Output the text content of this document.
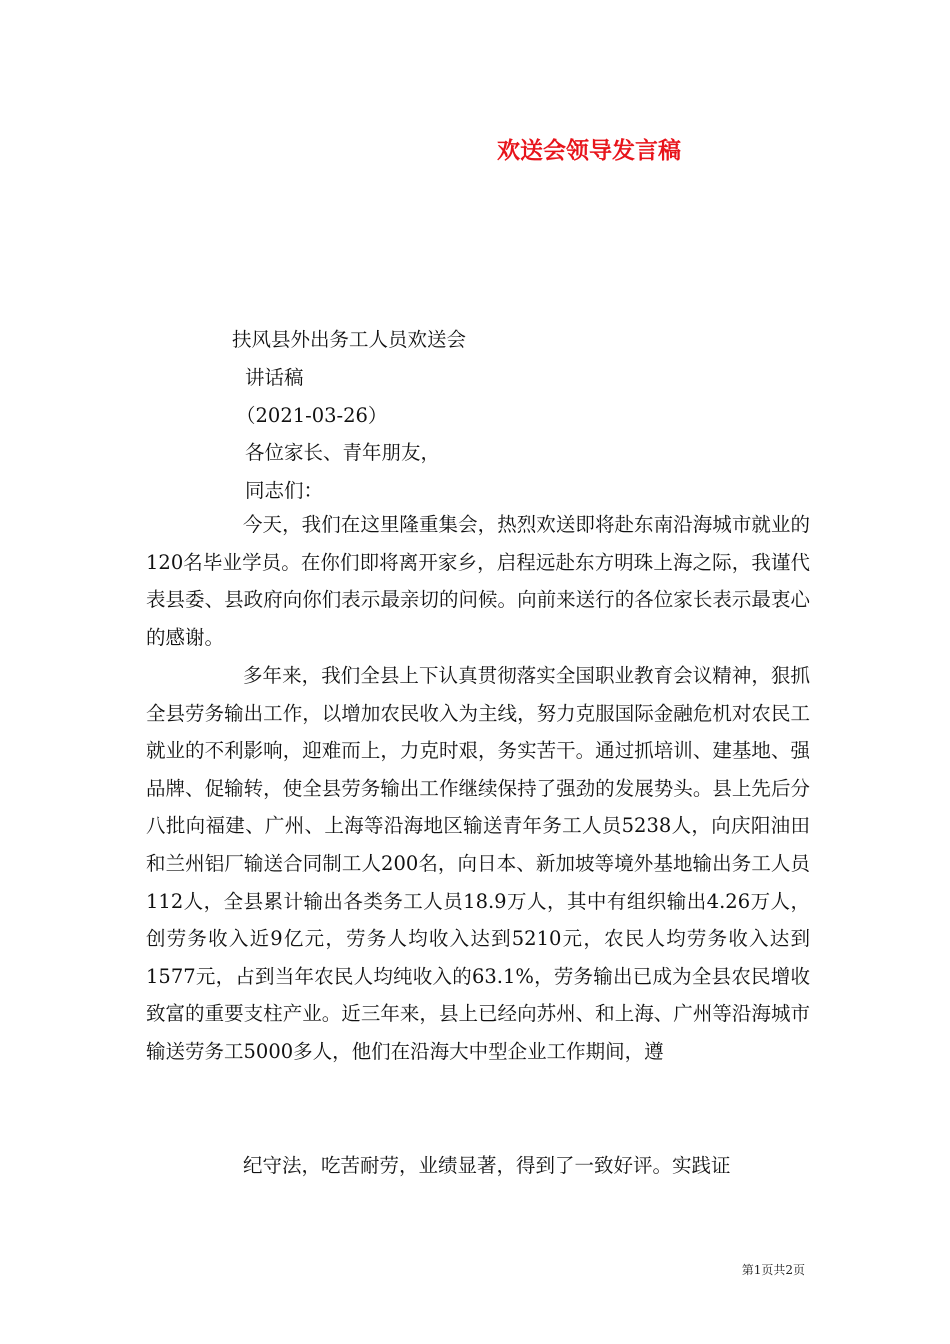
欢送会领导发言稿
扶风县外出务工人员欢送会
讲话稿
（2021-03-26）
各位家长、青年朋友，
同志们：
今天，我们在这里隆重集会，热烈欢送即将赴东南沿海城市就业的120名毕业学员。在你们即将离开家乡，启程远赴东方明珠上海之际，我谨代表县委、县政府向你们表示最亲切的问候。向前来送行的各位家长表示最衷心的感谢。
多年来，我们全县上下认真贯彻落实全国职业教育会议精神，狠抓全县劳务输出工作，以增加农民收入为主线，努力克服国际金融危机对农民工就业的不利影响，迎难而上，力克时艰，务实苦干。通过抓培训、建基地、强品牌、促输转，使全县劳务输出工作继续保持了强劲的发展势头。县上先后分八批向福建、广州、上海等沿海地区输送青年务工人员5238人，向庆阳油田和兰州铝厂输送合同制工人200名，向日本、新加坡等境外基地输出务工人员112人，全县累计输出各类务工人员18.9万人，其中有组织输出4.26万人，创劳务收入近9亿元，劳务人均收入达到5210元，农民人均劳务收入达到1577元，占到当年农民人均纯收入的63.1%，劳务输出已成为全县农民增收致富的重要支柱产业。近三年来，县上已经向苏州、和上海、广州等沿海城市输送劳务工5000多人，他们在沿海大中型企业工作期间，遵
纪守法，吃苦耐劳，业绩显著，得到了一致好评。实践证
第1页共2页
